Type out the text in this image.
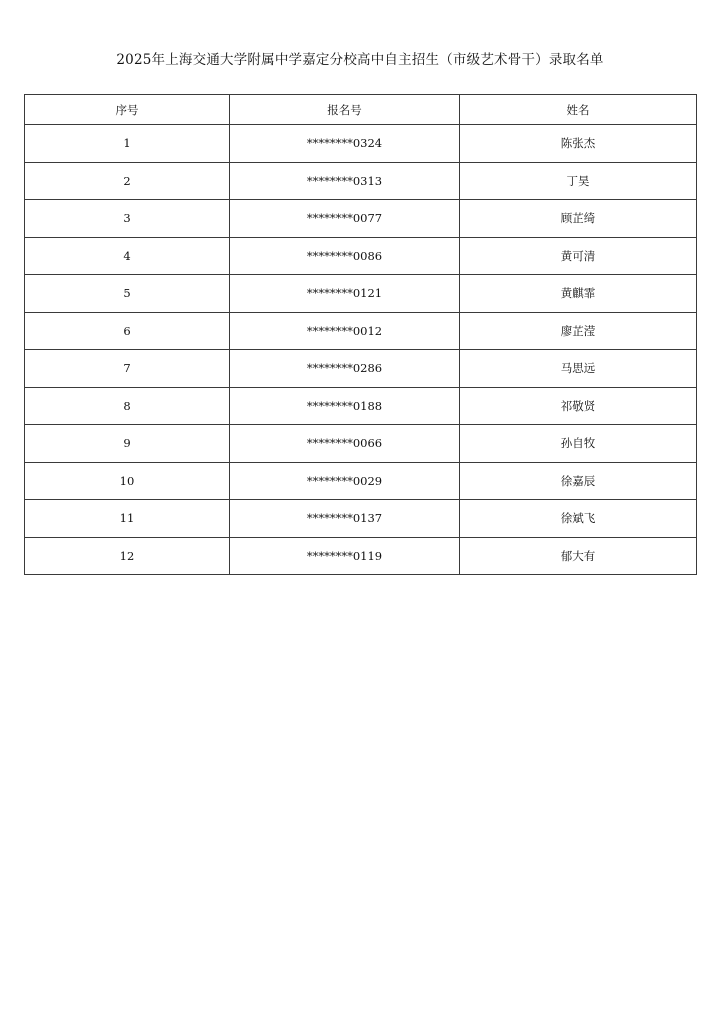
2025年上海交通大学附属中学嘉定分校高中自主招生（市级艺术骨干）录取名单
序号	报名号	姓名
1	********0324	陈张杰
2	********0313	丁昊
3	********0077	顾芷绮
4	********0086	黄可清
5	********0121	黄麒霏
6	********0012	廖芷滢
7	********0286	马思远
8	********0188	祁敬贤
9	********0066	孙自牧
10	********0029	徐嘉辰
11	********0137	徐斌飞
12	********0119	郁大有
